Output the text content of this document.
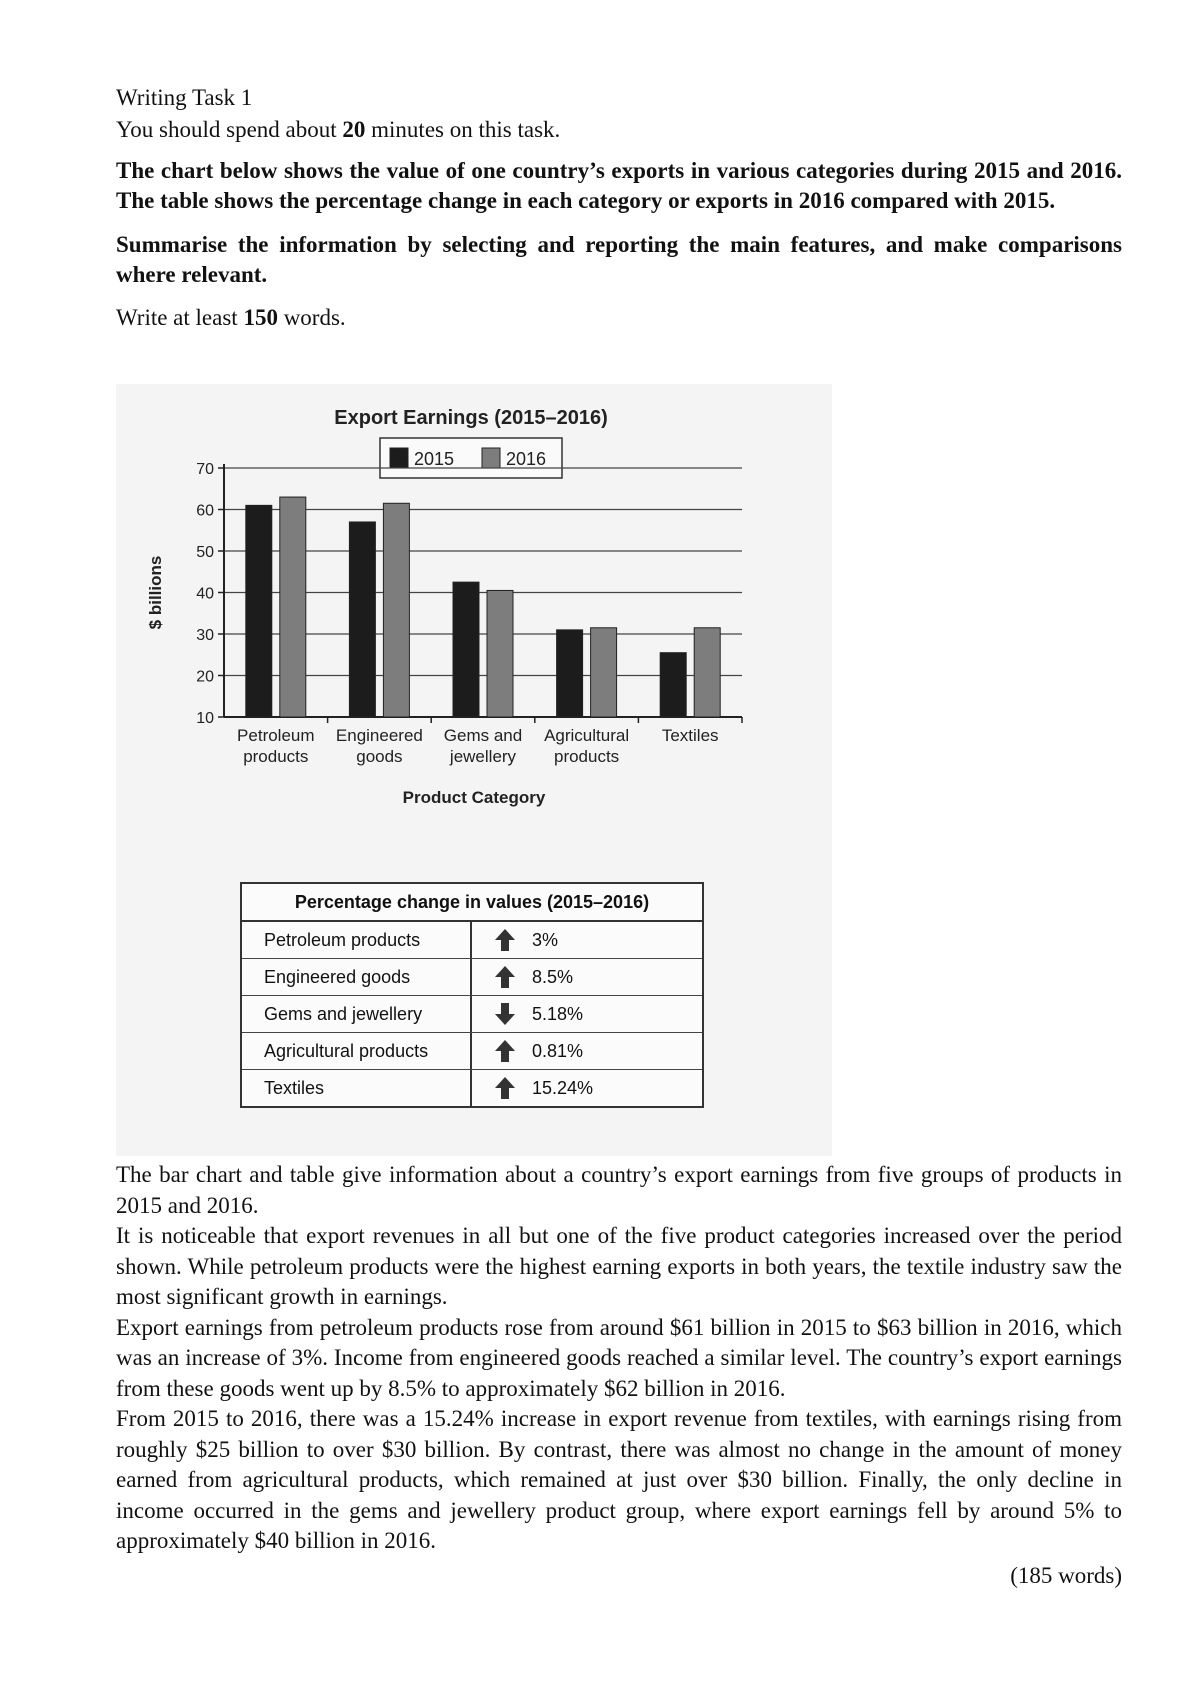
Writing Task 1

You should spend about 20 minutes on this task.

The chart below shows the value of one country’s exports in various categories during 2015 and 2016. The table shows the percentage change in each category or exports in 2016 compared with 2015.

Summarise the information by selecting and reporting the main features, and make comparisons where relevant.

Write at least 150 words.

Export Earnings (2015–2016)
2015	2016
10
20
30
40
50
60
70
$ billions
Petroleum
products
Engineered
goods
Gems and
jewellery
Agricultural
products
Textiles
Product Category
Percentage change in values (2015–2016)
Petroleum products	3%
Engineered goods	8.5%
Gems and jewellery	5.18%
Agricultural products	0.81%
Textiles	15.24%

The bar chart and table give information about a country’s export earnings from five groups of products in 2015 and 2016.

It is noticeable that export revenues in all but one of the five product categories increased over the period shown. While petroleum products were the highest earning exports in both years, the textile industry saw the most significant growth in earnings.

Export earnings from petroleum products rose from around $61 billion in 2015 to $63 billion in 2016, which was an increase of 3%. Income from engineered goods reached a similar level. The country’s export earnings from these goods went up by 8.5% to approximately $62 billion in 2016.

From 2015 to 2016, there was a 15.24% increase in export revenue from textiles, with earnings rising from roughly $25 billion to over $30 billion. By contrast, there was almost no change in the amount of money earned from agricultural products, which remained at just over $30 billion. Finally, the only decline in income occurred in the gems and jewellery product group, where export earnings fell by around 5% to approximately $40 billion in 2016.

(185 words)
